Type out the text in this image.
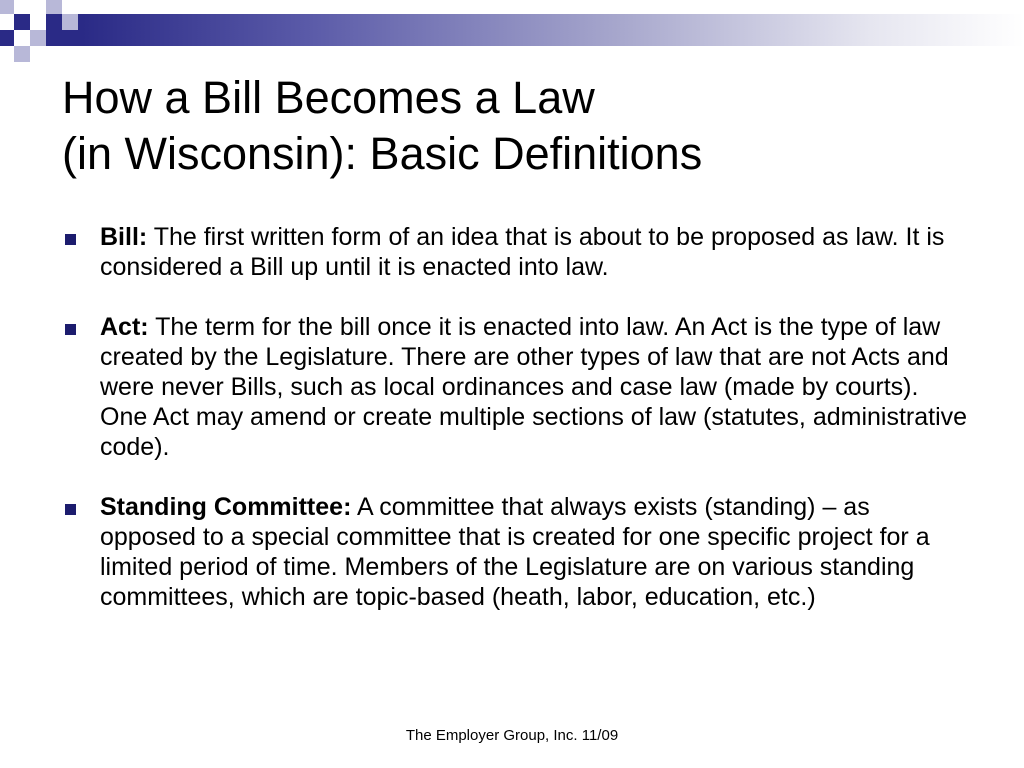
How a Bill Becomes a Law
(in Wisconsin): Basic Definitions
Bill: The first written form of an idea that is about to be proposed as law. It is considered a Bill up until it is enacted into law.
Act: The term for the bill once it is enacted into law. An Act is the type of law created by the Legislature. There are other types of law that are not Acts and were never Bills, such as local ordinances and case law (made by courts). One Act may amend or create multiple sections of law (statutes, administrative code).
Standing Committee: A committee that always exists (standing) – as opposed to a special committee that is created for one specific project for a limited period of time. Members of the Legislature are on various standing committees, which are topic-based (heath, labor, education, etc.)
The Employer Group, Inc. 11/09
